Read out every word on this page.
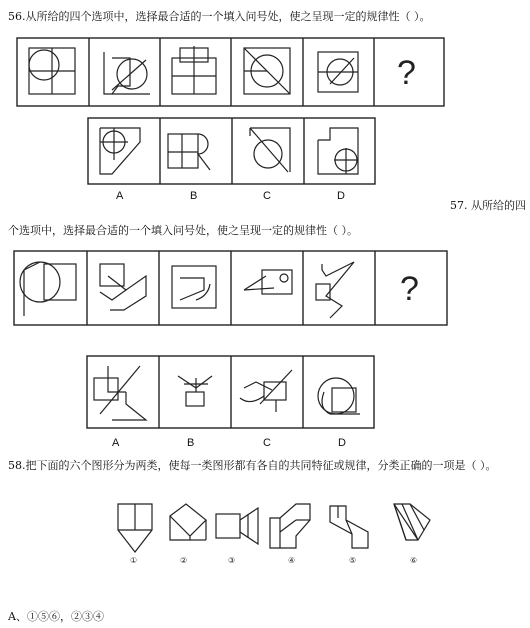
56.从所给的四个选项中，选择最合适的一个填入问号处，使之呈现一定的规律性（ ）。
57. 从所给的四
个选项中，选择最合适的一个填入问号处，使之呈现一定的规律性（ ）。
58.把下面的六个图形分为两类，使每一类图形都有各自的共同特征或规律，分类正确的一项是（ ）。
A、①⑤⑥，②③④
A	B	C	D
A	B	C	D
?
?
①	②	③	④	⑤	⑥
